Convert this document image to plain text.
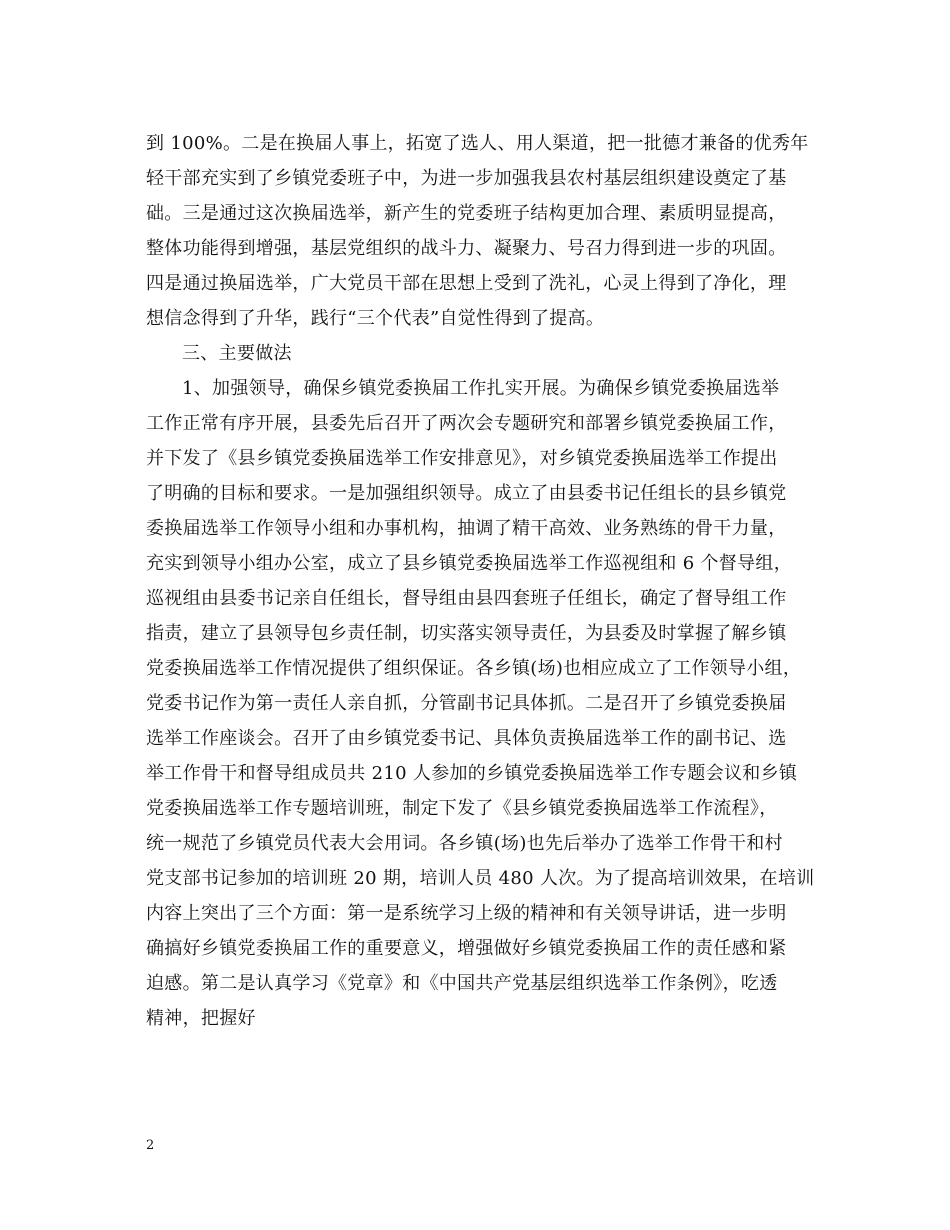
到 100%。二是在换届人事上，拓宽了选人、用人渠道，把一批德才兼备的优秀年
轻干部充实到了乡镇党委班子中，为进一步加强我县农村基层组织建设奠定了基
础。三是通过这次换届选举，新产生的党委班子结构更加合理、素质明显提高，
整体功能得到增强，基层党组织的战斗力、凝聚力、号召力得到进一步的巩固。
四是通过换届选举，广大党员干部在思想上受到了洗礼，心灵上得到了净化，理
想信念得到了升华，践行“三个代表”自觉性得到了提高。
三、主要做法
1、加强领导，确保乡镇党委换届工作扎实开展。为确保乡镇党委换届选举
工作正常有序开展，县委先后召开了两次会专题研究和部署乡镇党委换届工作，
并下发了《县乡镇党委换届选举工作安排意见》，对乡镇党委换届选举工作提出
了明确的目标和要求。一是加强组织领导。成立了由县委书记任组长的县乡镇党
委换届选举工作领导小组和办事机构，抽调了精干高效、业务熟练的骨干力量，
充实到领导小组办公室，成立了县乡镇党委换届选举工作巡视组和 6 个督导组，
巡视组由县委书记亲自任组长，督导组由县四套班子任组长，确定了督导组工作
指责，建立了县领导包乡责任制，切实落实领导责任，为县委及时掌握了解乡镇
党委换届选举工作情况提供了组织保证。各乡镇(场)也相应成立了工作领导小组，
党委书记作为第一责任人亲自抓，分管副书记具体抓。二是召开了乡镇党委换届
选举工作座谈会。召开了由乡镇党委书记、具体负责换届选举工作的副书记、选
举工作骨干和督导组成员共 210 人参加的乡镇党委换届选举工作专题会议和乡镇
党委换届选举工作专题培训班，制定下发了《县乡镇党委换届选举工作流程》，
统一规范了乡镇党员代表大会用词。各乡镇(场)也先后举办了选举工作骨干和村
党支部书记参加的培训班 20 期，培训人员 480 人次。为了提高培训效果，在培训
内容上突出了三个方面：第一是系统学习上级的精神和有关领导讲话，进一步明
确搞好乡镇党委换届工作的重要意义，增强做好乡镇党委换届工作的责任感和紧
迫感。第二是认真学习《党章》和《中国共产党基层组织选举工作条例》，吃透
精神，把握好
2
